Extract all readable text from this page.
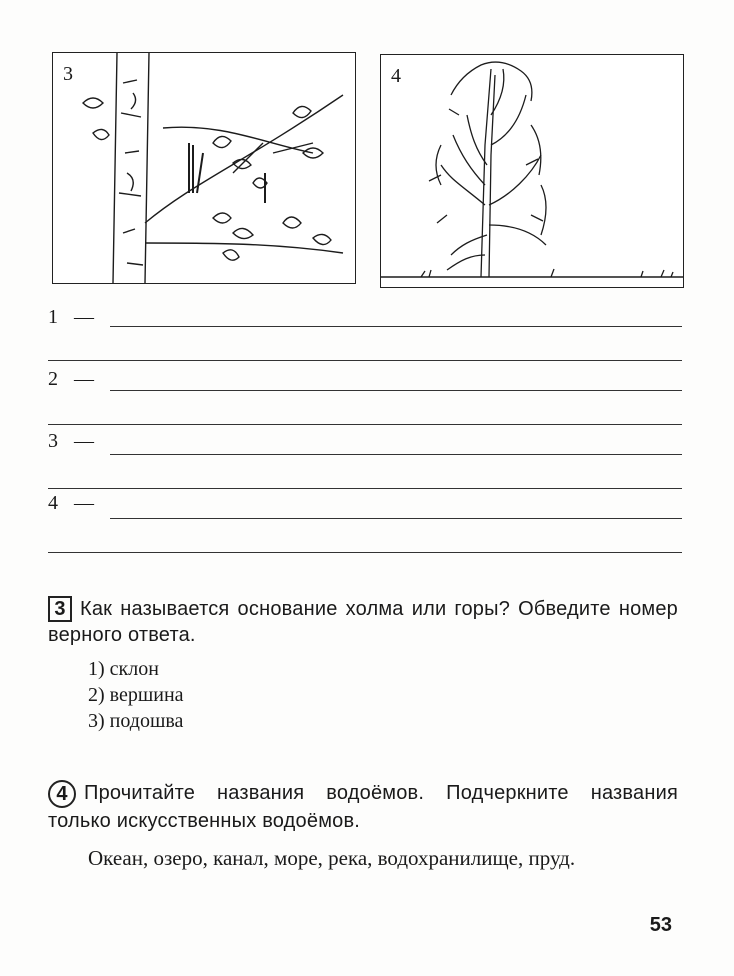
3	4
1 —
2 —
3 —
4 —
3 Как называется основание холма или горы? Обведите номер верного ответа.
1) склон
2) вершина
3) подошва
4 Прочитайте названия водоёмов. Подчеркните названия только искусственных водоёмов.
Океан, озеро, канал, море, река, водохранилище, пруд.
53
